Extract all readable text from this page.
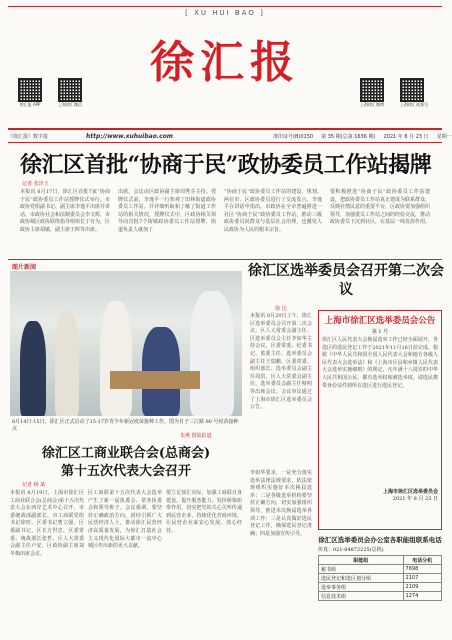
[ XU HUI BAO ]
徐汇报 APP	上海徐汇微信
徐汇报
上海徐汇微博	上海徐汇视频号
《徐汇报》数字报	http://www.xuhuibao.com	准印证号(B)0150 第 35 期(总第 1636 期) 2021 年 8 月 23 日 星期一
徐汇区首批“协商于民”政协委员工作站揭牌
记者 张泽玉
本报讯 8月17日，徐汇区首批7家“协商于民”政协委员工作站授牌仪式举行。市政协党组副书记、副主席李逸平出席并讲话。市政协社会和法制委员会李文辉，市政协城区政协联络指导组组长于有为，区政协主席胡敏，副主席王晖等出席。
出席。会议由区政协副主席周秀芬主持。授牌仪式前，李逸平一行参观了田林街道政协委员工作站。并详细听取和了解了街道工作站的相关情况，授牌仪式中，区政协相关领导向首批7个街镇政协委员工作站授牌，街道负责人就加了
“协商于民”政协委员工作站的建设、规划、两位市、区政协委员进行了交流发言。李逸平在讲话中指出，市政协在全市普遍推进一社区“协商于民”政协委员工作站，推动三级政协委员同群众与基层社会治理，也激发人民政协为人民的根本宗旨。
要积极推进“协商于民”政协委员工作站建设，把政协委员工作站真正建成为联系群众、反映社情民意的重要平台，区政协要加强组织领导，加强委员工作站之间的经验交流，推动政协委员下沉到社区，在基层一线发挥作用。
图片新闻
8月14日-15日，徐汇区正式启动了15-17岁青少年新冠疫苗接种工作。图为日子三江路 80 号疫苗接种点
朱燕 摄影报道
徐汇区选举委员会召开第二次会议
徐 达
本报讯 8月20日上午，徐汇区选举委员会召开第二次会议。区人大常委会副主任、区选举委员会主任李如华主持会议。区委常委、纪委书记、监委主任、选举委员会副主任王瑞鹏，区委常委、组织部长、选举委员会副主任周洪，区人大常委会副主任、选举委员会副主任蔡明等出席会议。会议审议通过了上海市徐汇区选举委员会公告。
李如华要求，一是充分落实选举法律法规要求，依法依规组织实施好本次换届选举；二是各级选举机构要坚持正确方向，切实加强组织领导，推进本次换届选举各项工作；三是认真做好选民登记工作，确保选民登记准确；四是加强宣传引导。
上海市徐汇区选举委员会公告
第 1 号
徐汇区人民代表大会换届选举工作已经全面展开。各选区的选民登记工作于2021年11月16日前完成。根据《中华人民共和国全国人民代表大会和地方各级人民代表大会选举法》和《上海市区县和乡镇人民代表大会选举实施细则》的规定，凡年满十八周岁的中华人民共和国公民，都有选举权和被选举权。请选民携带身份证件到所在选区进行选民登记。
上海市徐汇区选举委员会
2021 年 8 月 23 日
徐汇区工商业联合会(总商会)
第十五次代表大会召开
记者 杨 斌
本报讯 8月19日，上海市徐汇区工商业联合会(总商会)第十五次代表大会在西岸艺术中心召开。市委统战部副部长、市工商联党组书记徐形，区委书记曹立强，区委副书记、区长方世忠，区委常委、统战部长张哲，区人大常委会副主任卢安，区政协副主席刘冬梅出席会议。
区工商联第十五次代表大会选举产生了新一届执委会、常务执委会和领导班子。会议强调，要坚持正确政治方向，团结引领广大民营经济人士，推动徐汇民营经济高质量发展，为徐汇打造社会主义现代化国际大都市一流中心城区作出新的更大贡献。
要立足徐汇实际，加强工商联自身建设，提升服务能力。发挥桥梁纽带作用，切实把党的关心关怀传递到民营企业，持续优化营商环境，让民营企业家安心发展、放心经营。
徐汇区选举委员会办公室各职能组联系电话
传真：021-64872225(总机)
职能组	电话分机
秘书组	7698
选民登记和选区划分组	2107
选举事务组	2109
信息技术组	1274
